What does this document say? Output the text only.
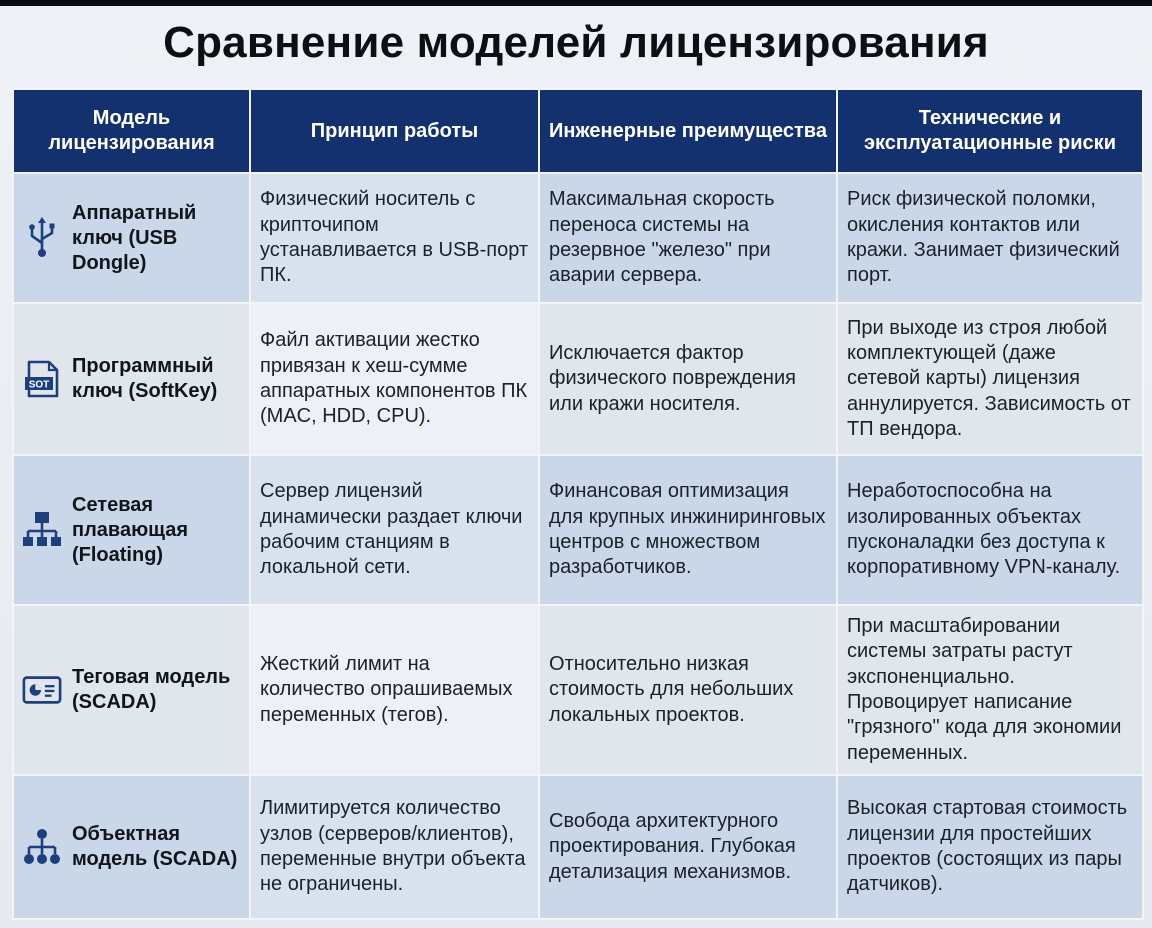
Сравнение моделей лицензирования
Модель лицензирования	Принцип работы	Инженерные преимущества	Технические и эксплуатационные риски

Аппаратный ключ (USB Dongle)	Физический носитель с крипточипом устанавливается в USB-порт ПК.	Максимальная скорость переноса системы на резервное "железо" при аварии сервера.	Риск физической поломки, окисления контактов или кражи. Занимает физический порт.

SOT
Программный ключ (SoftKey)	Файл активации жестко привязан к хеш-сумме аппаратных компонентов ПК (MAC, HDD, CPU).	Исключается фактор физического повреждения или кражи носителя.	При выходе из строя любой комплектующей (даже сетевой карты) лицензия аннулируется. Зависимость от ТП вендора.

Сетевая плавающая (Floating)	Сервер лицензий динамически раздает ключи рабочим станциям в локальной сети.	Финансовая оптимизация для крупных инжиниринговых центров с множеством разработчиков.	Неработоспособна на изолированных объектах пусконаладки без доступа к корпоративному VPN-каналу.

Теговая модель (SCADA)	Жесткий лимит на количество опрашиваемых переменных (тегов).	Относительно низкая стоимость для небольших локальных проектов.	При масштабировании системы затраты растут экспоненциально. Провоцирует написание "грязного" кода для экономии переменных.

Объектная модель (SCADA)	Лимитируется количество узлов (серверов/клиентов), переменные внутри объекта не ограничены.	Свобода архитектурного проектирования. Глубокая детализация механизмов.	Высокая стартовая стоимость лицензии для простейших проектов (состоящих из пары датчиков).
